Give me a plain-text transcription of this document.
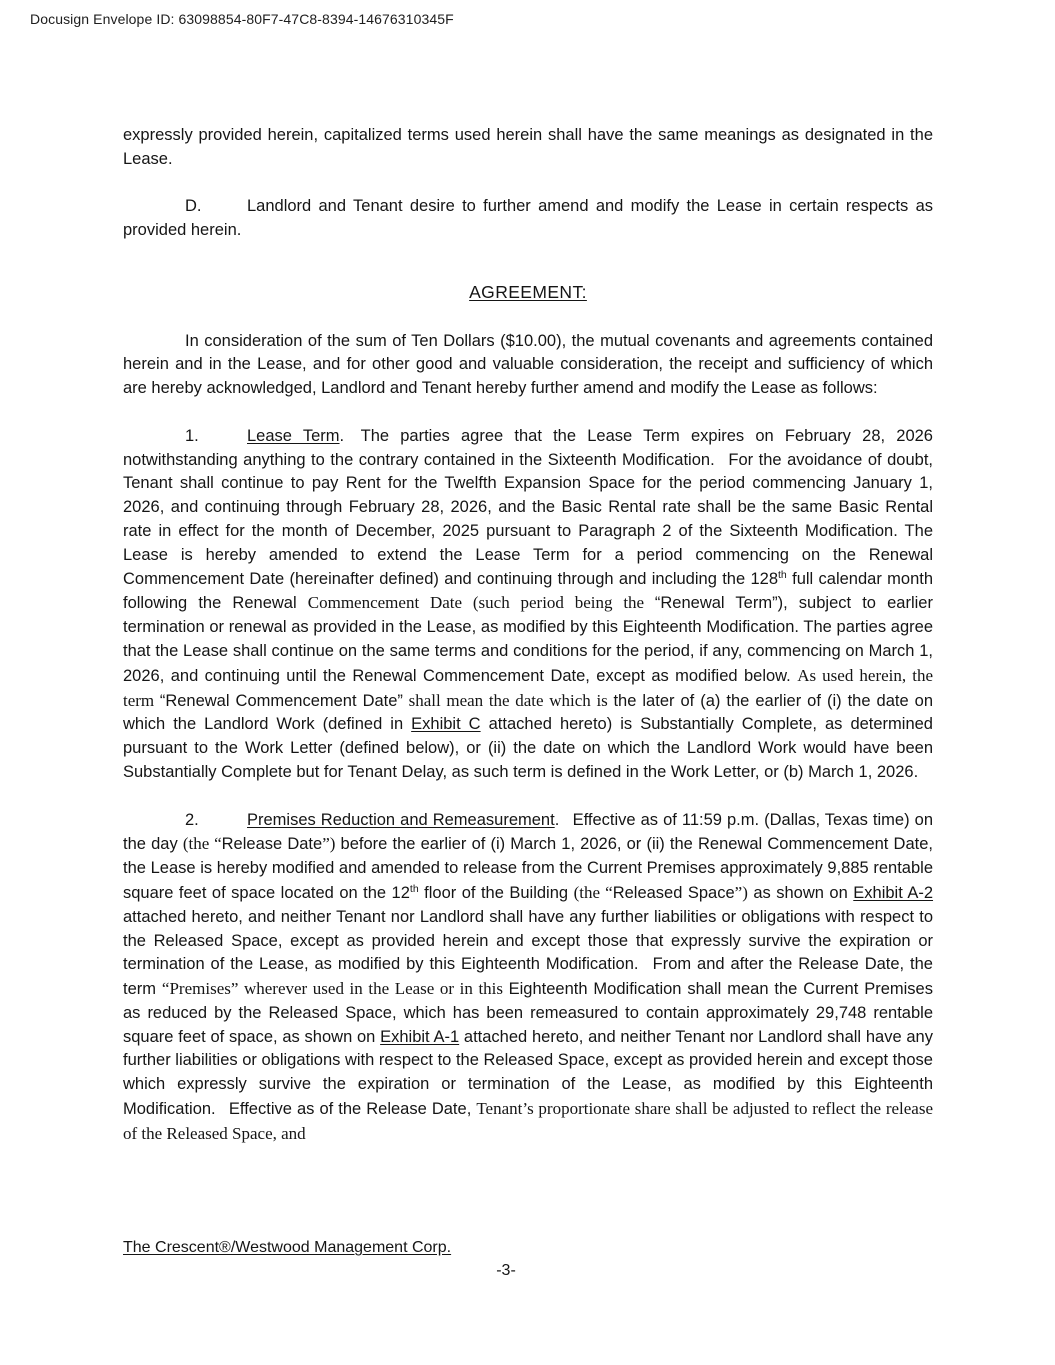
Docusign Envelope ID: 63098854-80F7-47C8-8394-14676310345F
expressly provided herein, capitalized terms used herein shall have the same meanings as designated in the Lease.
D.	Landlord and Tenant desire to further amend and modify the Lease in certain respects as provided herein.
AGREEMENT:
In consideration of the sum of Ten Dollars ($10.00), the mutual covenants and agreements contained herein and in the Lease, and for other good and valuable consideration, the receipt and sufficiency of which are hereby acknowledged, Landlord and Tenant hereby further amend and modify the Lease as follows:
1.	Lease Term.  The parties agree that the Lease Term expires on February 28, 2026 notwithstanding anything to the contrary contained in the Sixteenth Modification.  For the avoidance of doubt, Tenant shall continue to pay Rent for the Twelfth Expansion Space for the period commencing January 1, 2026, and continuing through February 28, 2026, and the Basic Rental rate shall be the same Basic Rental rate in effect for the month of December, 2025 pursuant to Paragraph 2 of the Sixteenth Modification. The Lease is hereby amended to extend the Lease Term for a period commencing on the Renewal Commencement Date (hereinafter defined) and continuing through and including the 128th full calendar month following the Renewal Commencement Date (such period being the “Renewal Term”), subject to earlier termination or renewal as provided in the Lease, as modified by this Eighteenth Modification. The parties agree that the Lease shall continue on the same terms and conditions for the period, if any, commencing on March 1, 2026, and continuing until the Renewal Commencement Date, except as modified below. As used herein, the term “Renewal Commencement Date” shall mean the date which is the later of (a) the earlier of (i) the date on which the Landlord Work (defined in Exhibit C attached hereto) is Substantially Complete, as determined pursuant to the Work Letter (defined below), or (ii) the date on which the Landlord Work would have been Substantially Complete but for Tenant Delay, as such term is defined in the Work Letter, or (b) March 1, 2026.
2.	Premises Reduction and Remeasurement.  Effective as of 11:59 p.m. (Dallas, Texas time) on the day (the “Release Date”) before the earlier of (i) March 1, 2026, or (ii) the Renewal Commencement Date, the Lease is hereby modified and amended to release from the Current Premises approximately 9,885 rentable square feet of space located on the 12th floor of the Building (the “Released Space”) as shown on Exhibit A-2 attached hereto, and neither Tenant nor Landlord shall have any further liabilities or obligations with respect to the Released Space, except as provided herein and except those that expressly survive the expiration or termination of the Lease, as modified by this Eighteenth Modification.  From and after the Release Date, the term “Premises” wherever used in the Lease or in this Eighteenth Modification shall mean the Current Premises as reduced by the Released Space, which has been remeasured to contain approximately 29,748 rentable square feet of space, as shown on Exhibit A-1 attached hereto, and neither Tenant nor Landlord shall have any further liabilities or obligations with respect to the Released Space, except as provided herein and except those which expressly survive the expiration or termination of the Lease, as modified by this Eighteenth Modification.  Effective as of the Release Date, Tenant’s proportionate share shall be adjusted to reflect the release of the Released Space, and
The Crescent®/Westwood Management Corp.
-3-
